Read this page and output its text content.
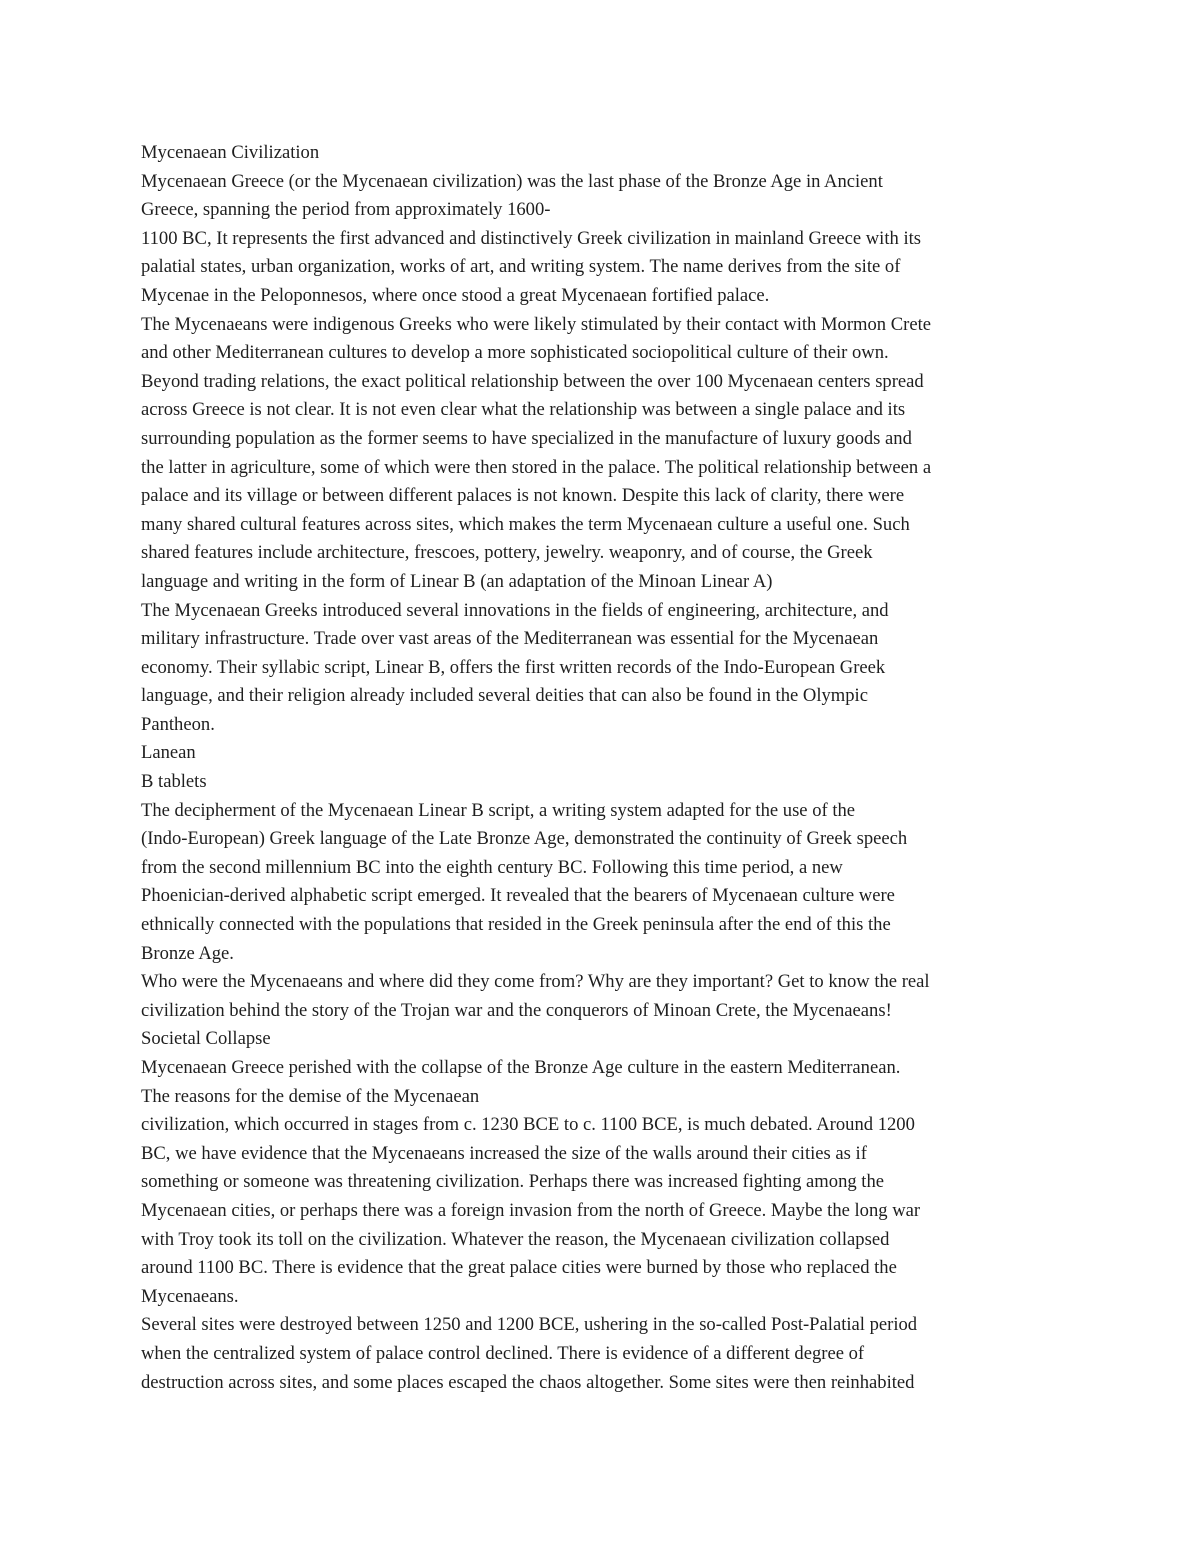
Mycenaean Civilization
Mycenaean Greece (or the Mycenaean civilization) was the last phase of the Bronze Age in Ancient
Greece, spanning the period from approximately 1600-
1100 BC, It represents the first advanced and distinctively Greek civilization in mainland Greece with its
palatial states, urban organization, works of art, and writing system. The name derives from the site of
Mycenae in the Peloponnesos, where once stood a great Mycenaean fortified palace.
The Mycenaeans were indigenous Greeks who were likely stimulated by their contact with Mormon Crete
and other Mediterranean cultures to develop a more sophisticated sociopolitical culture of their own.
Beyond trading relations, the exact political relationship between the over 100 Mycenaean centers spread
across Greece is not clear. It is not even clear what the relationship was between a single palace and its
surrounding population as the former seems to have specialized in the manufacture of luxury goods and
the latter in agriculture, some of which were then stored in the palace. The political relationship between a
palace and its village or between different palaces is not known. Despite this lack of clarity, there were
many shared cultural features across sites, which makes the term Mycenaean culture a useful one. Such
shared features include architecture, frescoes, pottery, jewelry. weaponry, and of course, the Greek
language and writing in the form of Linear B (an adaptation of the Minoan Linear A)
The Mycenaean Greeks introduced several innovations in the fields of engineering, architecture, and
military infrastructure. Trade over vast areas of the Mediterranean was essential for the Mycenaean
economy. Their syllabic script, Linear B, offers the first written records of the Indo-European Greek
language, and their religion already included several deities that can also be found in the Olympic
Pantheon.
Lanean
B tablets
The decipherment of the Mycenaean Linear B script, a writing system adapted for the use of the
(Indo-European) Greek language of the Late Bronze Age, demonstrated the continuity of Greek speech
from the second millennium BC into the eighth century BC. Following this time period, a new
Phoenician-derived alphabetic script emerged. It revealed that the bearers of Mycenaean culture were
ethnically connected with the populations that resided in the Greek peninsula after the end of this the
Bronze Age.
Who were the Mycenaeans and where did they come from? Why are they important? Get to know the real
civilization behind the story of the Trojan war and the conquerors of Minoan Crete, the Mycenaeans!
Societal Collapse
Mycenaean Greece perished with the collapse of the Bronze Age culture in the eastern Mediterranean.
The reasons for the demise of the Mycenaean
civilization, which occurred in stages from c. 1230 BCE to c. 1100 BCE, is much debated. Around 1200
BC, we have evidence that the Mycenaeans increased the size of the walls around their cities as if
something or someone was threatening civilization. Perhaps there was increased fighting among the
Mycenaean cities, or perhaps there was a foreign invasion from the north of Greece. Maybe the long war
with Troy took its toll on the civilization. Whatever the reason, the Mycenaean civilization collapsed
around 1100 BC. There is evidence that the great palace cities were burned by those who replaced the
Mycenaeans.
Several sites were destroyed between 1250 and 1200 BCE, ushering in the so-called Post-Palatial period
when the centralized system of palace control declined. There is evidence of a different degree of
destruction across sites, and some places escaped the chaos altogether. Some sites were then reinhabited
